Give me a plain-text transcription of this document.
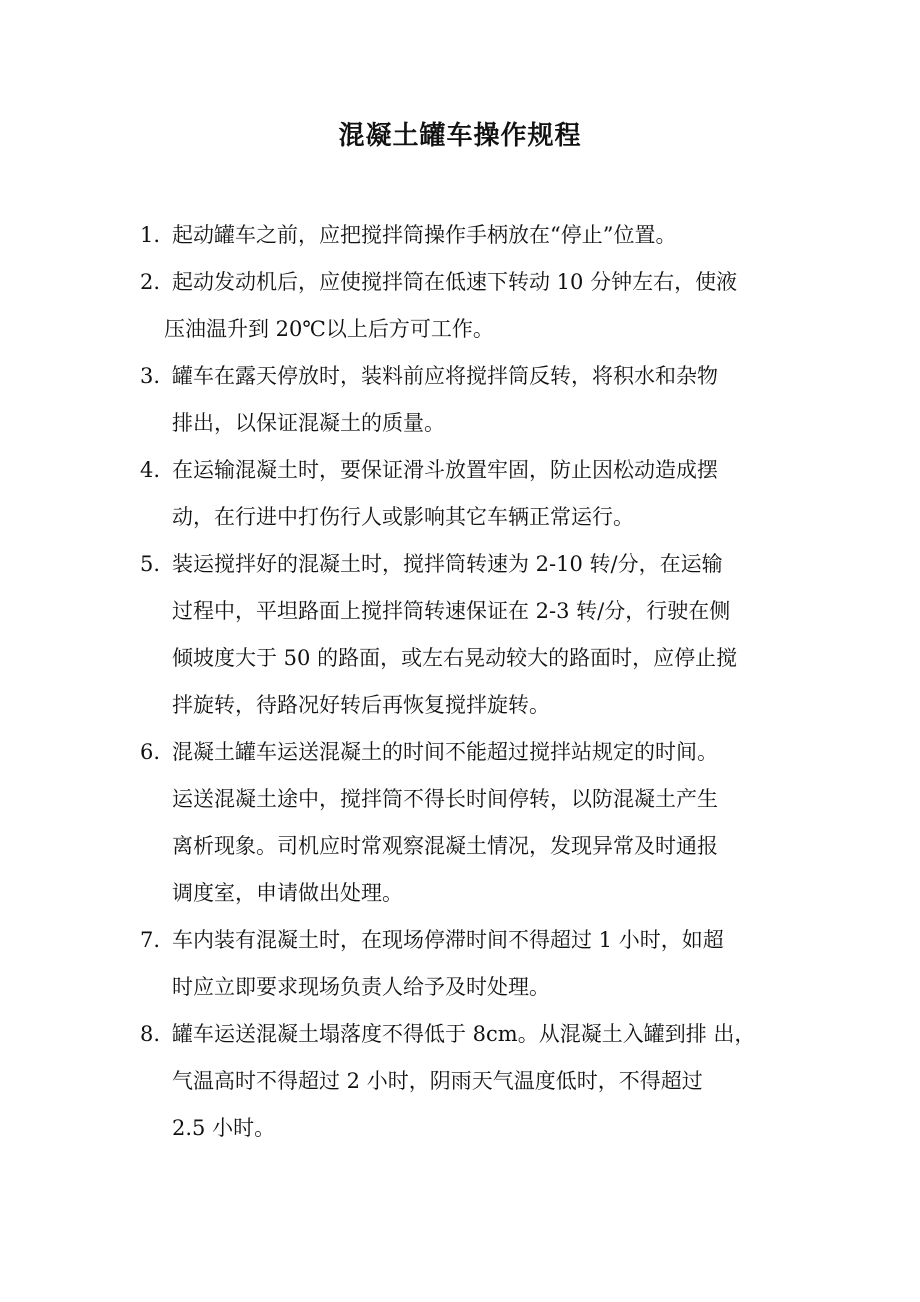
混凝土罐车操作规程
1. 起动罐车之前，应把搅拌筒操作手柄放在“停止”位置。
2. 起动发动机后，应使搅拌筒在低速下转动 10 分钟左右，使液
压油温升到 20℃以上后方可工作。
3. 罐车在露天停放时，装料前应将搅拌筒反转，将积水和杂物
排出，以保证混凝土的质量。
4. 在运输混凝土时，要保证滑斗放置牢固，防止因松动造成摆
动，在行进中打伤行人或影响其它车辆正常运行。
5. 装运搅拌好的混凝土时，搅拌筒转速为 2-10 转/分，在运输
过程中，平坦路面上搅拌筒转速保证在 2-3 转/分，行驶在侧
倾坡度大于 50 的路面，或左右晃动较大的路面时，应停止搅
拌旋转，待路况好转后再恢复搅拌旋转。
6. 混凝土罐车运送混凝土的时间不能超过搅拌站规定的时间。
运送混凝土途中，搅拌筒不得长时间停转，以防混凝土产生
离析现象。司机应时常观察混凝土情况，发现异常及时通报
调度室，申请做出处理。
7. 车内装有混凝土时，在现场停滞时间不得超过 1 小时，如超
时应立即要求现场负责人给予及时处理。
8. 罐车运送混凝土塌落度不得低于 8cm。从混凝土入罐到排 出，
气温高时不得超过 2 小时，阴雨天气温度低时，不得超过
2.5 小时。
